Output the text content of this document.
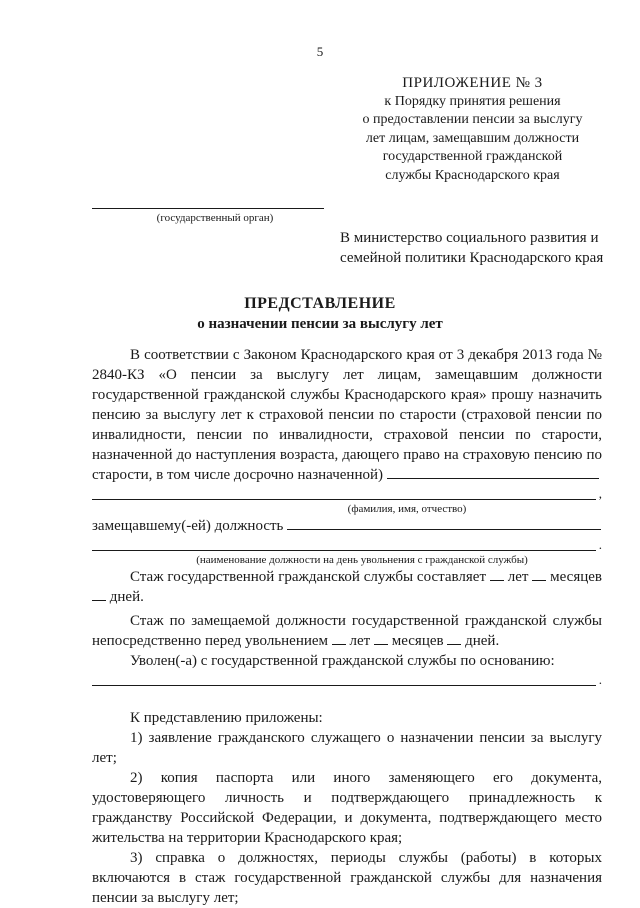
5
ПРИЛОЖЕНИЕ № 3
к Порядку принятия решения
о предоставлении пенсии за выслугу
лет лицам, замещавшим должности
государственной гражданской
службы Краснодарского края
(государственный орган)
В министерство социального развития и
семейной политики Краснодарского края
ПРЕДСТАВЛЕНИЕ
о назначении пенсии за выслугу лет

В соответствии с Законом Краснодарского края от 3 декабря 2013 года № 2840-КЗ «О пенсии за выслугу лет лицам, замещавшим должности государственной гражданской службы Краснодарского края» прошу назначить пенсию за выслугу лет к страховой пенсии по старости (страховой пенсии по инвалидности, пенсии по инвалидности, страховой пенсии по старости, назначенной до наступления возраста, дающего право на страховую пенсию по старости, в том числе досрочно назначенной)

,
(фамилия, имя, отчество)

замещавшему(-ей) должность

.
(наименование должности на день увольнения с гражданской службы)

Стаж государственной гражданской службы составляет лет месяцев  дней.

Стаж по замещаемой должности государственной гражданской службы непосредственно перед увольнением лет месяцев дней.

Уволен(-а) с государственной гражданской службы по основанию:

.

К представлению приложены:

1) заявление гражданского служащего о назначении пенсии за выслугу лет;

2) копия паспорта или иного заменяющего его документа, удостоверяющего личность и подтверждающего принадлежность к гражданству Российской Федерации, и документа, подтверждающего место жительства на территории Краснодарского края;

3) справка о должностях, периоды службы (работы) в которых включаются в стаж государственной гражданской службы для назначения пенсии за выслугу лет;
